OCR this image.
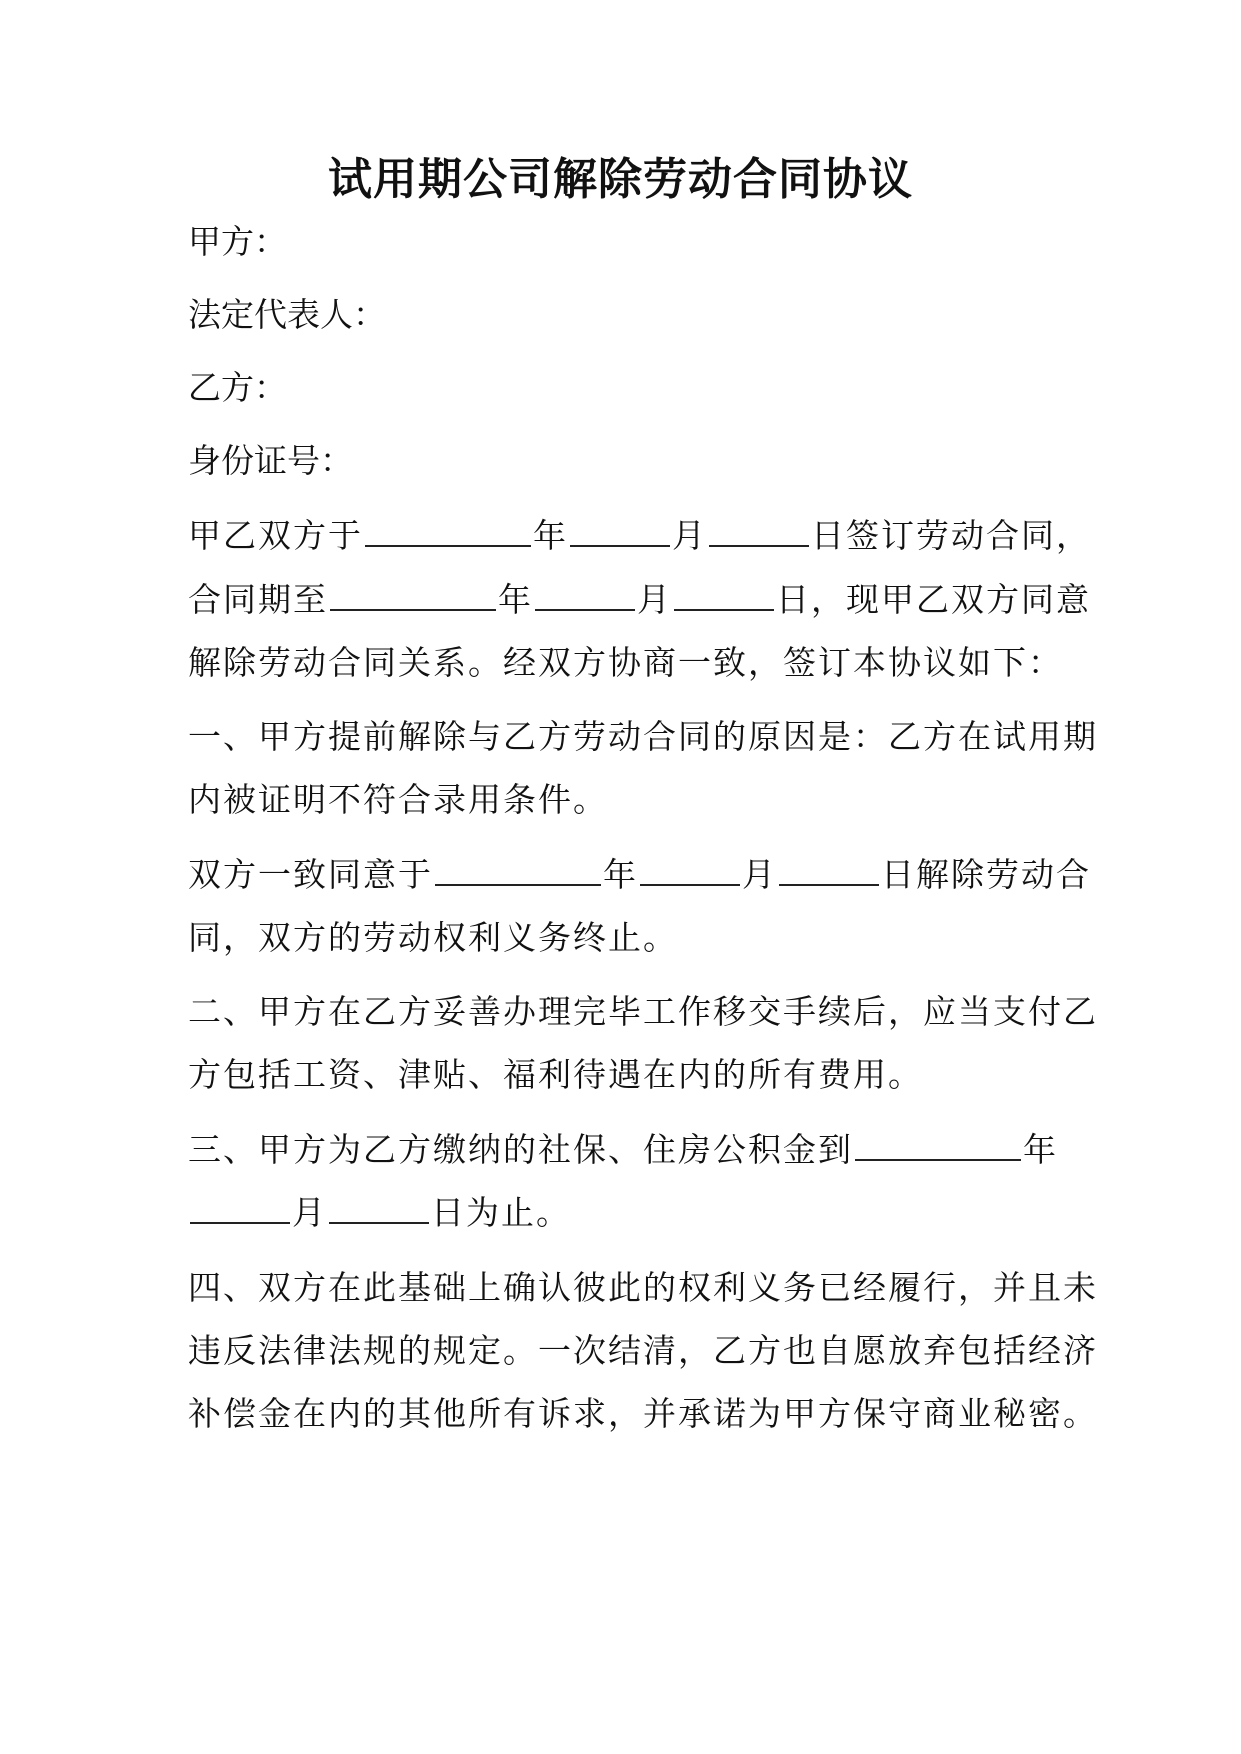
试用期公司解除劳动合同协议
甲方：
法定代表人：
乙方：
身份证号：
甲乙双方于	年	月	日签订劳动合同，
合同期至	年	月	日，现甲乙双方同意
解除劳动合同关系。经双方协商一致，签订本协议如下：
一、甲方提前解除与乙方劳动合同的原因是：乙方在试用期
内被证明不符合录用条件。
双方一致同意于	年	月	日解除劳动合
同，双方的劳动权利义务终止。
二、甲方在乙方妥善办理完毕工作移交手续后，应当支付乙
方包括工资、津贴、福利待遇在内的所有费用。
三、甲方为乙方缴纳的社保、住房公积金到	年
月	日为止。
四、双方在此基础上确认彼此的权利义务已经履行，并且未
违反法律法规的规定。一次结清，乙方也自愿放弃包括经济
补偿金在内的其他所有诉求，并承诺为甲方保守商业秘密。
